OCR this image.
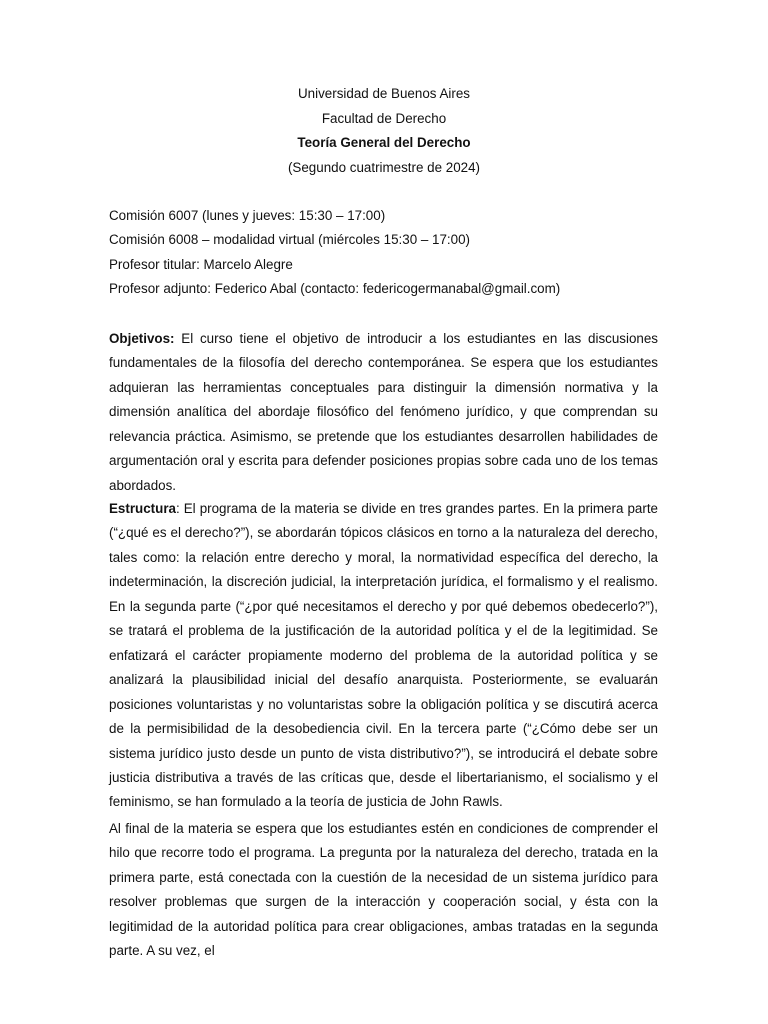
Universidad de Buenos Aires
Facultad de Derecho
Teoría General del Derecho
(Segundo cuatrimestre de 2024)
Comisión 6007 (lunes y jueves: 15:30 – 17:00)
Comisión 6008 – modalidad virtual (miércoles 15:30 – 17:00)
Profesor titular: Marcelo Alegre
Profesor adjunto: Federico Abal (contacto: federicogermanabal@gmail.com)

Objetivos: El curso tiene el objetivo de introducir a los estudiantes en las discusiones fundamentales de la filosofía del derecho contemporánea. Se espera que los estudiantes adquieran las herramientas conceptuales para distinguir la dimensión normativa y la dimensión analítica del abordaje filosófico del fenómeno jurídico, y que comprendan su relevancia práctica. Asimismo, se pretende que los estudiantes desarrollen habilidades de argumentación oral y escrita para defender posiciones propias sobre cada uno de los temas abordados.

Estructura: El programa de la materia se divide en tres grandes partes. En la primera parte (“¿qué es el derecho?”), se abordarán tópicos clásicos en torno a la naturaleza del derecho, tales como: la relación entre derecho y moral, la normatividad específica del derecho, la indeterminación, la discreción judicial, la interpretación jurídica, el formalismo y el realismo. En la segunda parte (“¿por qué necesitamos el derecho y por qué debemos obedecerlo?”), se tratará el problema de la justificación de la autoridad política y el de la legitimidad. Se enfatizará el carácter propiamente moderno del problema de la autoridad política y se analizará la plausibilidad inicial del desafío anarquista. Posteriormente, se evaluarán posiciones voluntaristas y no voluntaristas sobre la obligación política y se discutirá acerca de la permisibilidad de la desobediencia civil. En la tercera parte (“¿Cómo debe ser un sistema jurídico justo desde un punto de vista distributivo?”), se introducirá el debate sobre justicia distributiva a través de las críticas que, desde el libertarianismo, el socialismo y el feminismo, se han formulado a la teoría de justicia de John Rawls.

Al final de la materia se espera que los estudiantes estén en condiciones de comprender el hilo que recorre todo el programa. La pregunta por la naturaleza del derecho, tratada en la primera parte, está conectada con la cuestión de la necesidad de un sistema jurídico para resolver problemas que surgen de la interacción y cooperación social, y ésta con la legitimidad de la autoridad política para crear obligaciones, ambas tratadas en la segunda parte. A su vez, el
